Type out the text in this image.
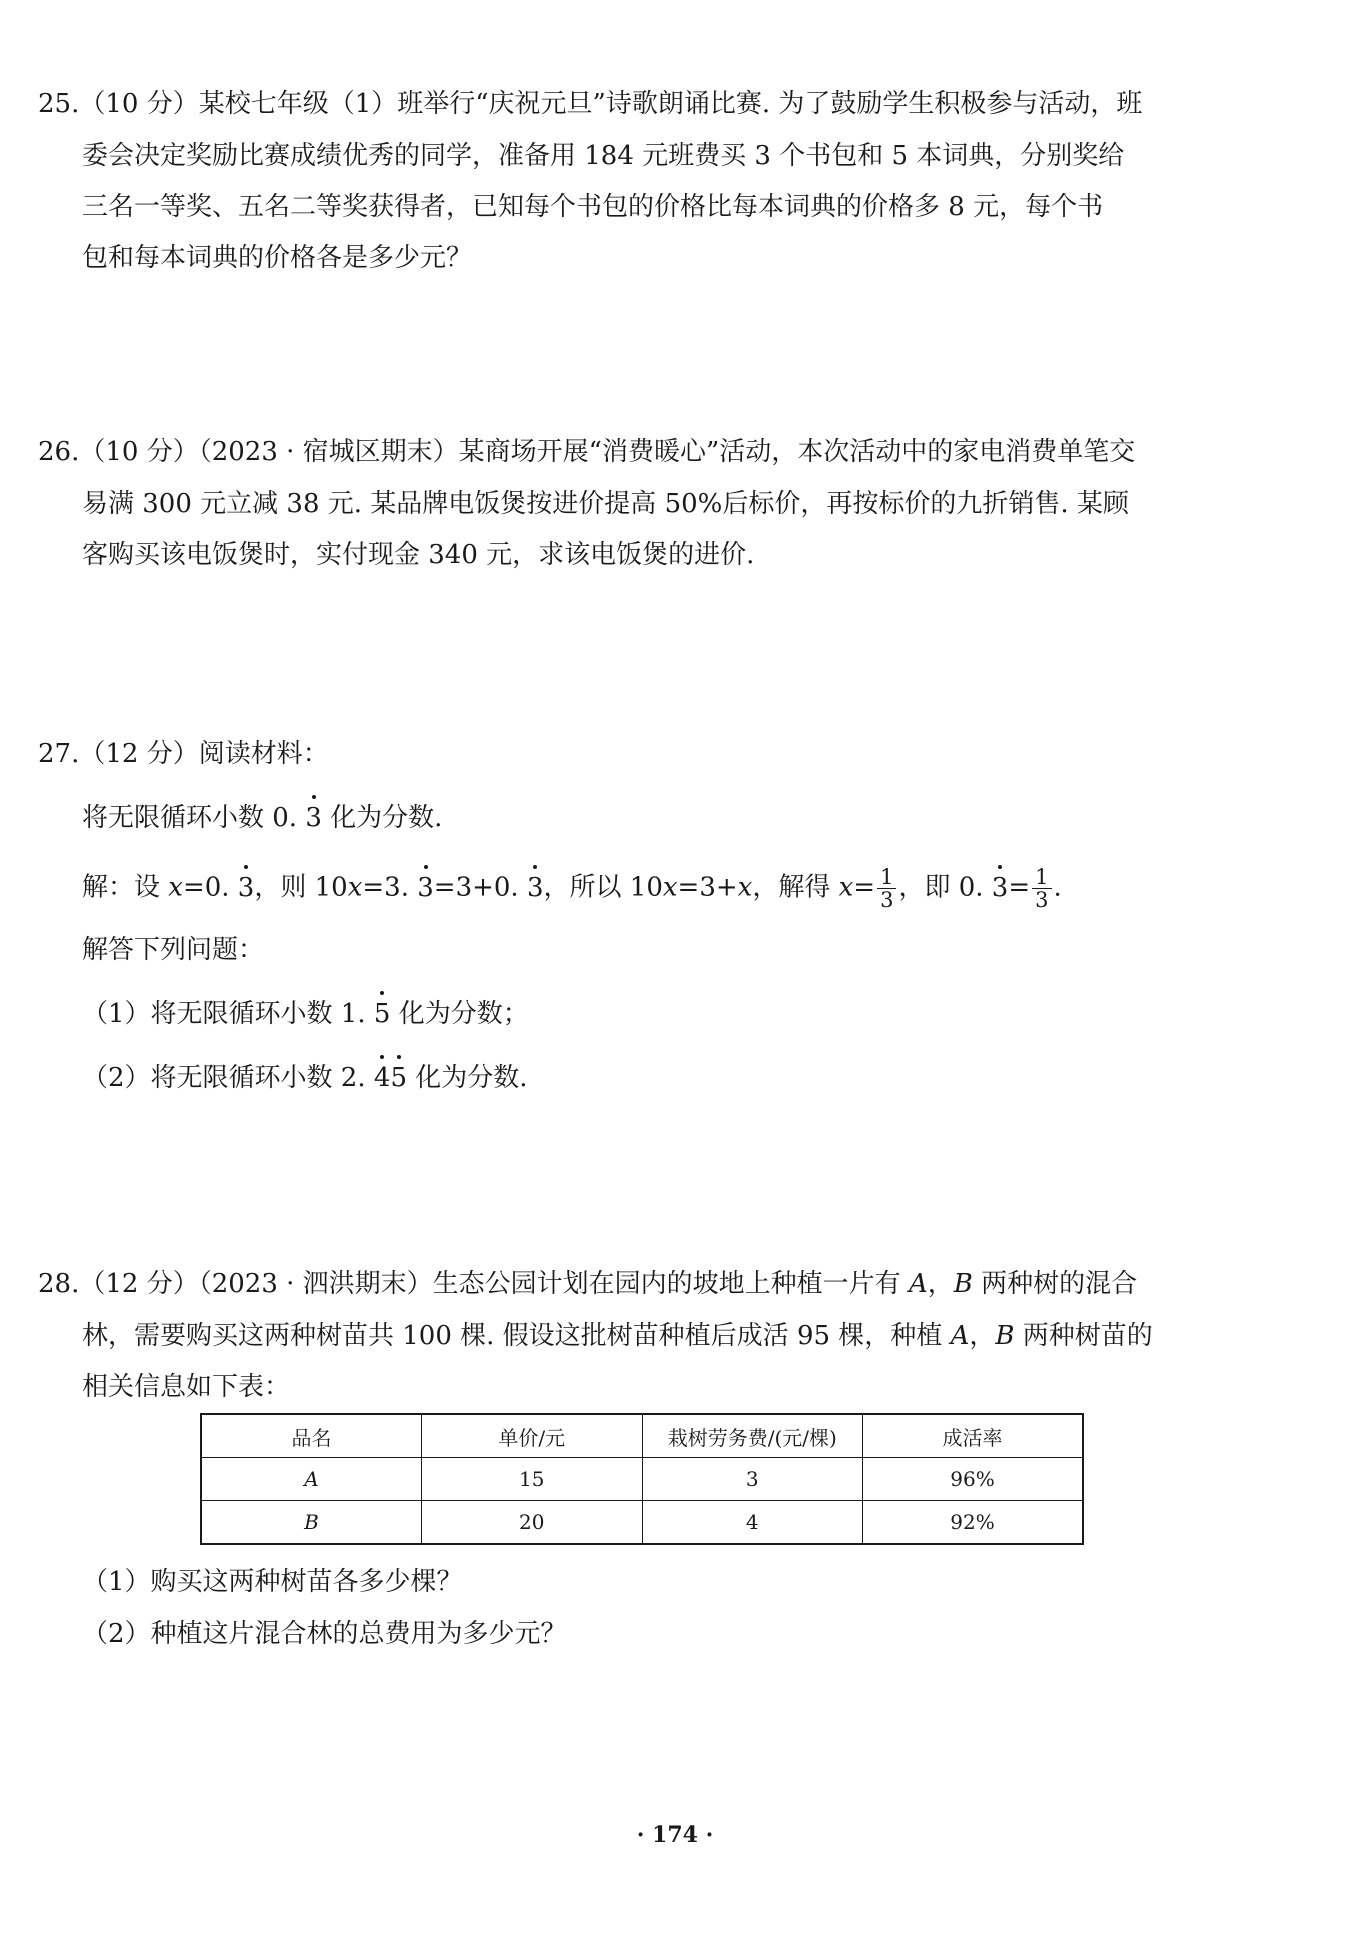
25.（10 分）某校七年级（1）班举行“庆祝元旦”诗歌朗诵比赛. 为了鼓励学生积极参与活动，班
委会决定奖励比赛成绩优秀的同学，准备用 184 元班费买 3 个书包和 5 本词典，分别奖给
三名一等奖、五名二等奖获得者，已知每个书包的价格比每本词典的价格多 8 元，每个书
包和每本词典的价格各是多少元？
26.（10 分）（2023 · 宿城区期末）某商场开展“消费暖心”活动，本次活动中的家电消费单笔交
易满 300 元立减 38 元. 某品牌电饭煲按进价提高 50%后标价，再按标价的九折销售. 某顾
客购买该电饭煲时，实付现金 340 元，求该电饭煲的进价.
27.（12 分）阅读材料：
将无限循环小数 0. 3 化为分数.
解：设 x=0. 3，则 10x=3. 3=3+0. 3，所以 10x=3+x，解得 $x= \frac{1}{3}$ ，即 0. $3= \frac{1}{3}$ .
解答下列问题：
（1）将无限循环小数 1. 5 化为分数；
（2）将无限循环小数 2. 45 化为分数.
28.（12 分）（2023 · 泗洪期末）生态公园计划在园内的坡地上种植一片有 A，B 两种树的混合
林，需要购买这两种树苗共 100 棵. 假设这批树苗种植后成活 95 棵，种植 A，B 两种树苗的
相关信息如下表：
品名	单价/元	栽树劳务费/(元/棵)	成活率
A	15	3	96%
B	20	4	92%
（1）购买这两种树苗各多少棵？
（2）种植这片混合林的总费用为多少元？
· 174 ·
